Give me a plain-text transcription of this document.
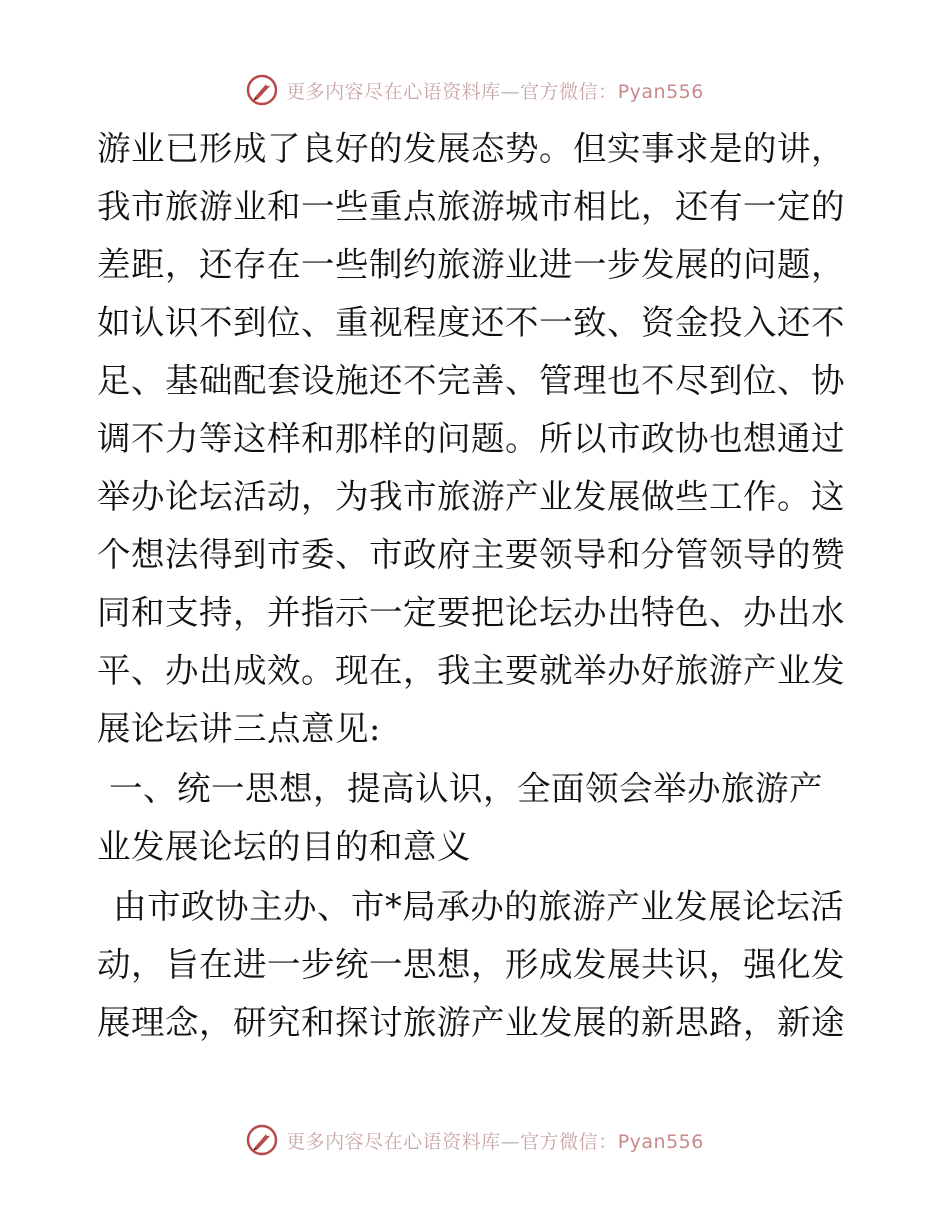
更多内容尽在心语资料库—官方微信：Pyan556
游业已形成了良好的发展态势。但实事求是的讲，
我市旅游业和一些重点旅游城市相比，还有一定的
差距，还存在一些制约旅游业进一步发展的问题，
如认识不到位、重视程度还不一致、资金投入还不
足、基础配套设施还不完善、管理也不尽到位、协
调不力等这样和那样的问题。所以市政协也想通过
举办论坛活动，为我市旅游产业发展做些工作。这
个想法得到市委、市政府主要领导和分管领导的赞
同和支持，并指示一定要把论坛办出特色、办出水
平、办出成效。现在，我主要就举办好旅游产业发
展论坛讲三点意见:
一、统一思想，提高认识，全面领会举办旅游产
业发展论坛的目的和意义
由市政协主办、市*局承办的旅游产业发展论坛活
动，旨在进一步统一思想，形成发展共识，强化发
展理念，研究和探讨旅游产业发展的新思路，新途
更多内容尽在心语资料库—官方微信：Pyan556
